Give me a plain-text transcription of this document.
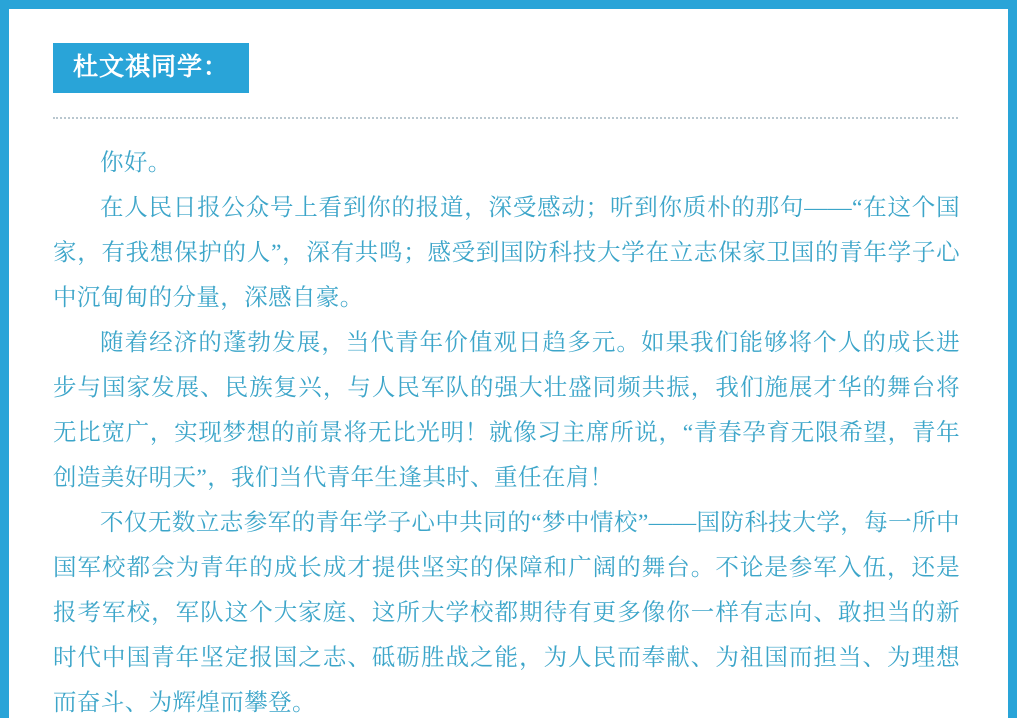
杜文祺同学：

你好。

在人民日报公众号上看到你的报道，深受感动；听到你质朴的那句——“在这个国家，有我想保护的人”，深有共鸣；感受到国防科技大学在立志保家卫国的青年学子心中沉甸甸的分量，深感自豪。

随着经济的蓬勃发展，当代青年价值观日趋多元。如果我们能够将个人的成长进步与国家发展、民族复兴，与人民军队的强大壮盛同频共振，我们施展才华的舞台将无比宽广，实现梦想的前景将无比光明！就像习主席所说，“青春孕育无限希望，青年创造美好明天”，我们当代青年生逢其时、重任在肩！

不仅无数立志参军的青年学子心中共同的“梦中情校”——国防科技大学，每一所中国军校都会为青年的成长成才提供坚实的保障和广阔的舞台。不论是参军入伍，还是报考军校，军队这个大家庭、这所大学校都期待有更多像你一样有志向、敢担当的新时代中国青年坚定报国之志、砥砺胜战之能，为人民而奉献、为祖国而担当、为理想而奋斗、为辉煌而攀登。
